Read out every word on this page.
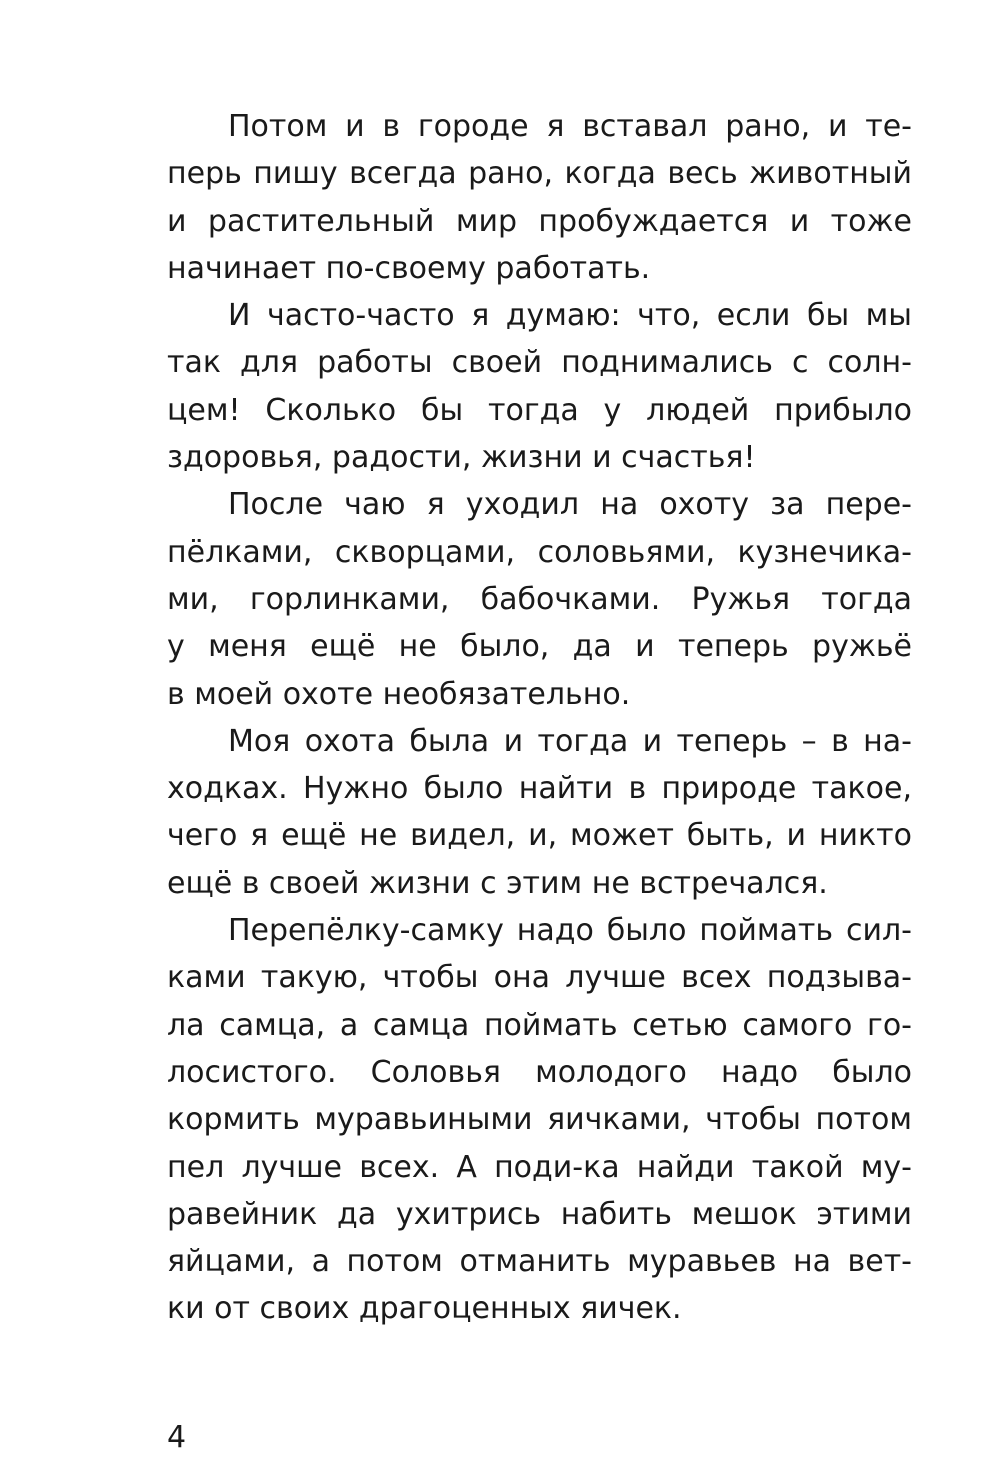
Потом и в городе я вставал рано, и те-
перь пишу всегда рано, когда весь животный
и растительный мир пробуждается и тоже
начинает по-своему работать.
И часто-часто я думаю: что, если бы мы
так для работы своей поднимались с солн-
цем! Сколько бы тогда у людей прибыло
здоровья, радости, жизни и счастья!
После чаю я уходил на охоту за пере-
пёлками, скворцами, соловьями, кузнечика-
ми, горлинками, бабочками. Ружья тогда
у меня ещё не было, да и теперь ружьё
в моей охоте необязательно.
Моя охота была и тогда и теперь – в на-
ходках. Нужно было найти в природе такое,
чего я ещё не видел, и, может быть, и никто
ещё в своей жизни с этим не встречался.
Перепёлку-самку надо было поймать сил-
ками такую, чтобы она лучше всех подзыва-
ла самца, а самца поймать сетью самого го-
лосистого. Соловья молодого надо было
кормить муравьиными яичками, чтобы потом
пел лучше всех. А поди-ка найди такой му-
равейник да ухитрись набить мешок этими
яйцами, а потом отманить муравьев на вет-
ки от своих драгоценных яичек.
4
